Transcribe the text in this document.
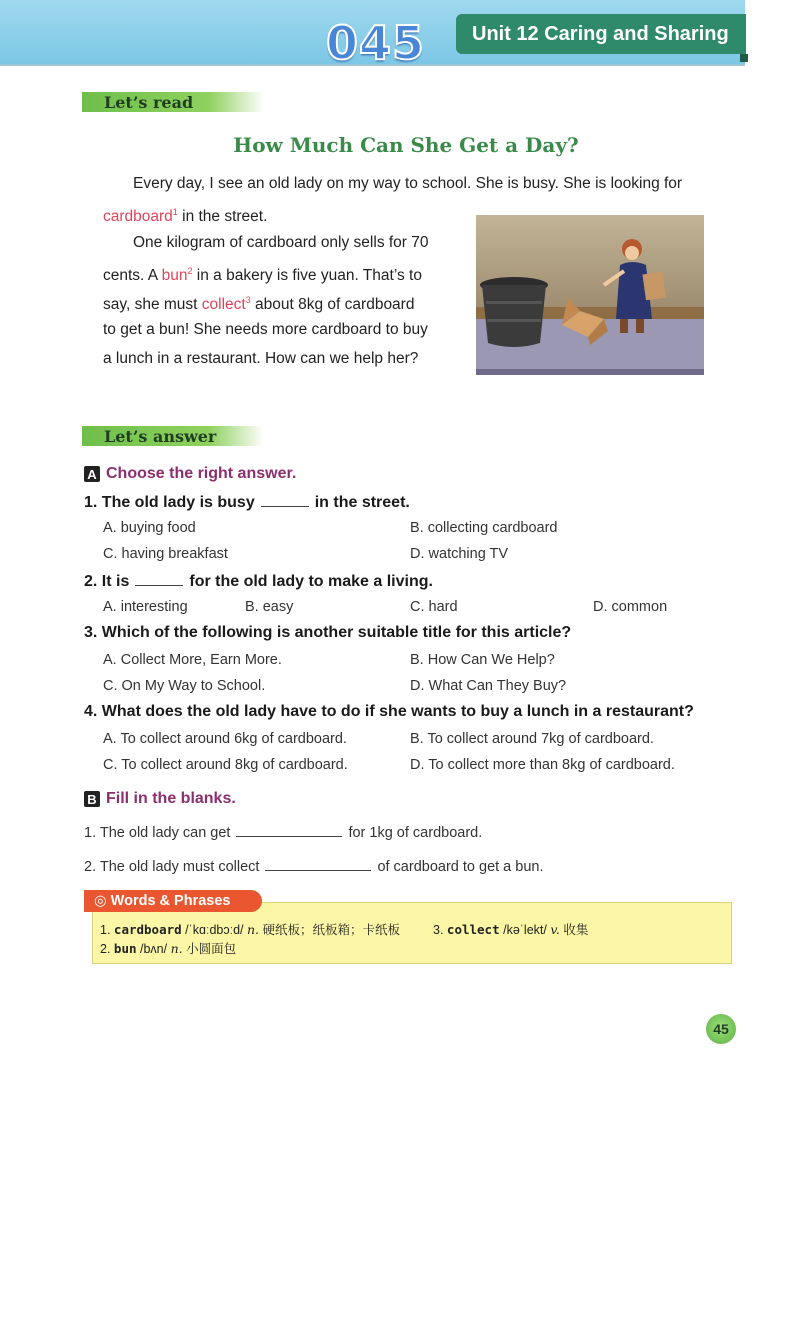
045	Unit 12 Caring and Sharing
Let’s read
How Much Can She Get a Day?
Every day, I see an old lady on my way to school. She is busy. She is looking for
cardboard$^1$ in the street.
One kilogram of cardboard only sells for 70
cents. A bun$^2$ in a bakery is five yuan. That’s to
say, she must collect$^3$ about 8kg of cardboard
to get a bun! She needs more cardboard to buy
a lunch in a restaurant. How can we help her?
Let’s answer
A Choose the right answer.
1. The old lady is busy	in the street.
A. buying food	B. collecting cardboard
C. having breakfast	D. watching TV
2. It is	for the old lady to make a living.
A. interesting	B. easy	C. hard	D. common
3. Which of the following is another suitable title for this article?
A. Collect More, Earn More.	B. How Can We Help?
C. On My Way to School.	D. What Can They Buy?
4. What does the old lady have to do if she wants to buy a lunch in a restaurant?
A. To collect around 6kg of cardboard.	B. To collect around 7kg of cardboard.
C. To collect around 8kg of cardboard.	D. To collect more than 8kg of cardboard.
B Fill in the blanks.
1. The old lady can get	for 1kg of cardboard.
2. The old lady must collect	of cardboard to get a bun.
◎ Words & Phrases
1. cardboard /ˈkɑːdbɔːd/ n. 硬纸板；纸板箱；卡纸板	3. collect /kəˈlekt/ v. 收集
2. bun /bʌn/ n. 小圆面包
45
